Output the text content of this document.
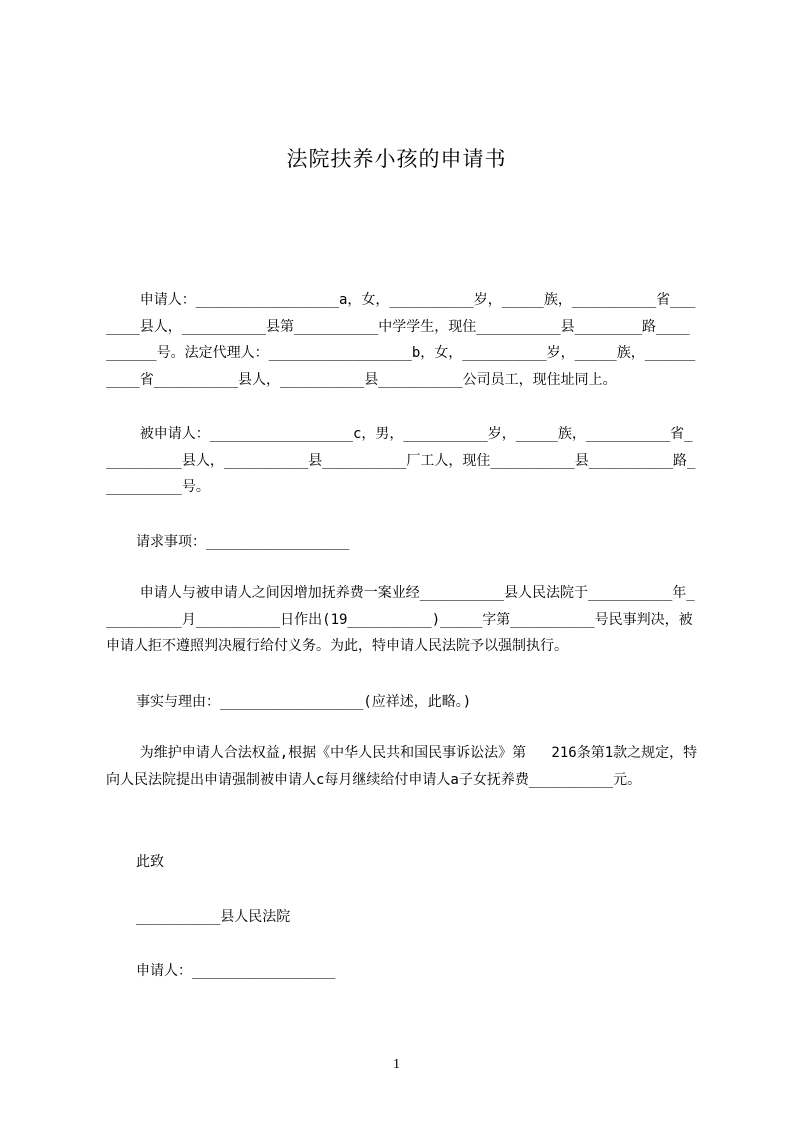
法院扶养小孩的申请书
申请人：_________________a，女，__________岁，_____族，__________省_______县人，__________县第__________中学学生，现住__________县________路__________号。法定代理人：_________________b，女，__________岁，_____族，__________省__________县人，__________县__________公司员工，现住址同上。
被申请人：_________________c，男，__________岁，_____族，__________省__________县人，__________县__________厂工人，现住__________县__________路__________号。
请求事项：_________________
申请人与被申请人之间因增加抚养费一案业经__________县人民法院于__________年__________月__________日作出(19__________)_____字第__________号民事判决，被申请人拒不遵照判决履行给付义务。为此，特申请人民法院予以强制执行。
事实与理由：_________________(应祥述，此略。)
为维护申请人合法权益,根据《中华人民共和国民事诉讼法》第   216条第1款之规定，特向人民法院提出申请强制被申请人c每月继续给付申请人a子女抚养费__________元。
此致
__________县人民法院
申请人：_________________
1
